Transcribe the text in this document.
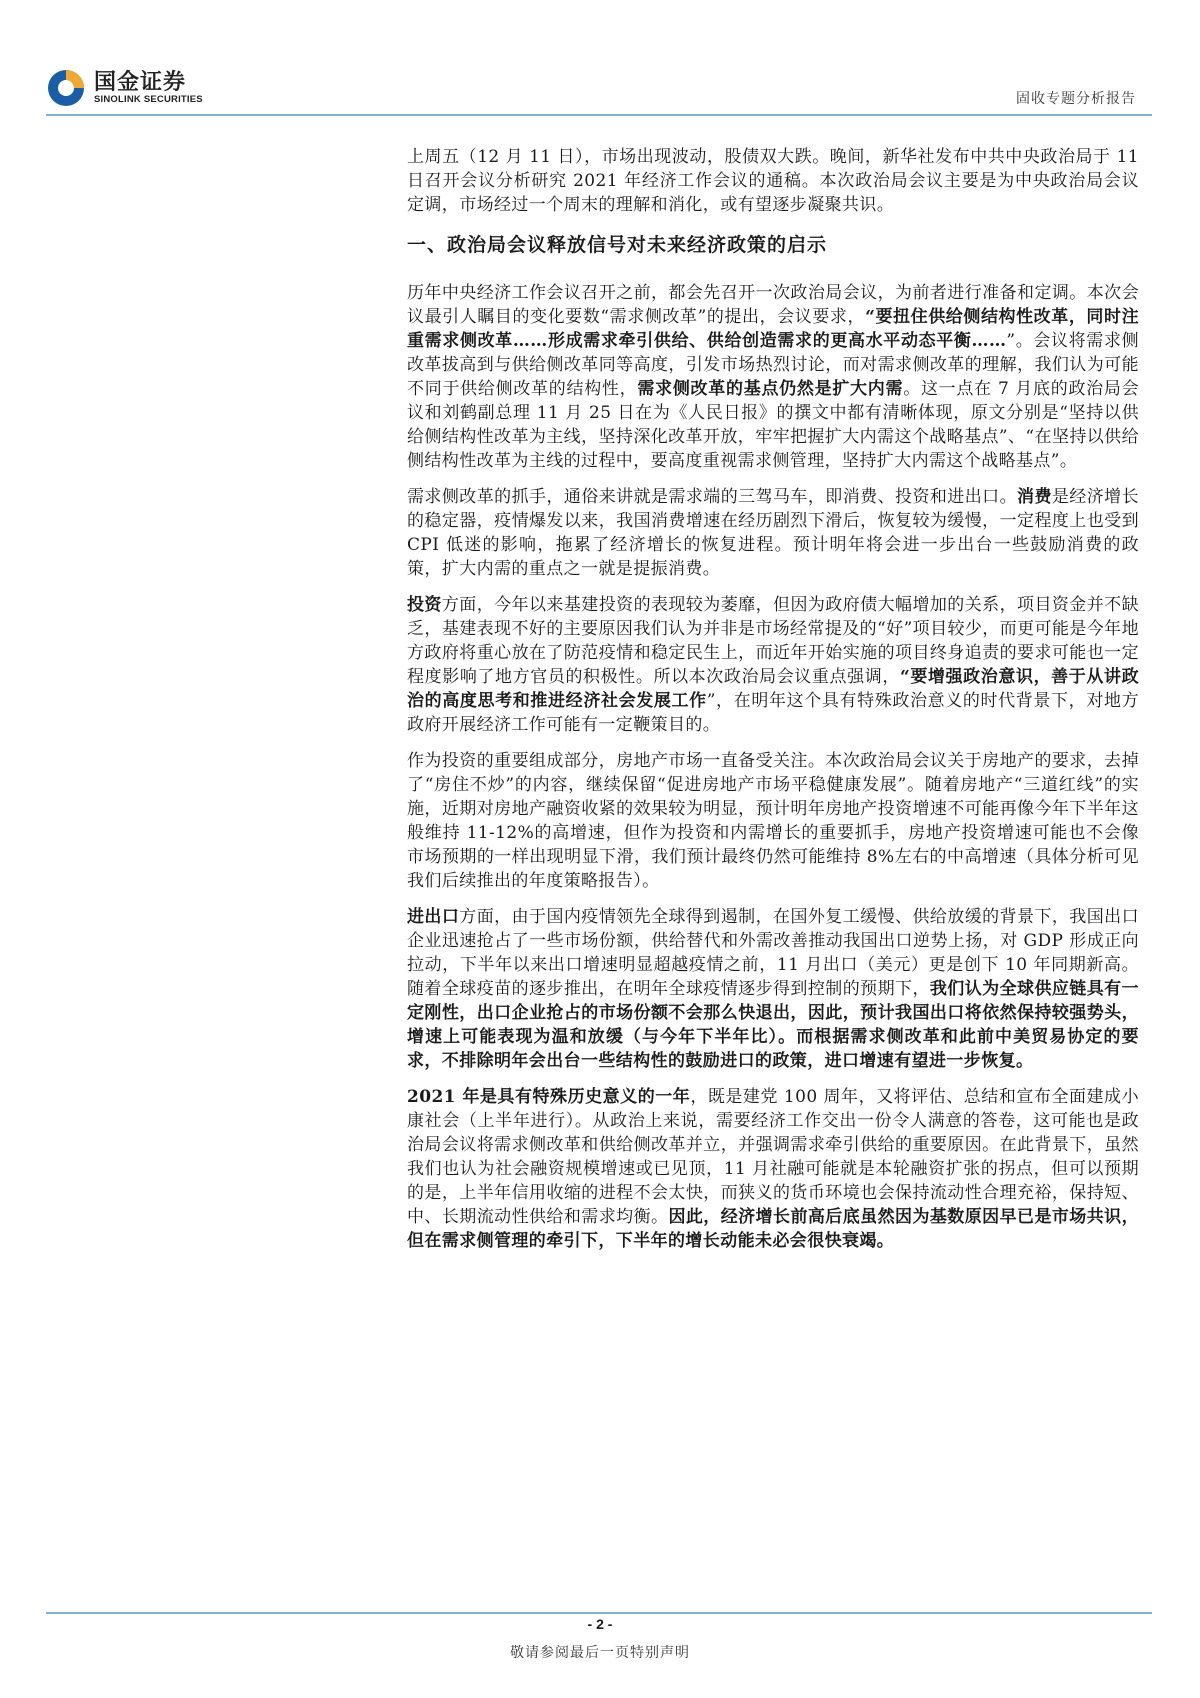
国金证券
SINOLINK SECURITIES	固收专题分析报告

上周五（12 月 11 日），市场出现波动，股债双大跌。晚间，新华社发布中共中央政治局于 11 日召开会议分析研究 2021 年经济工作会议的通稿。本次政治局会议主要是为中央政治局会议定调，市场经过一个周末的理解和消化，或有望逐步凝聚共识。

一、政治局会议释放信号对未来经济政策的启示

历年中央经济工作会议召开之前，都会先召开一次政治局会议，为前者进行准备和定调。本次会议最引人瞩目的变化要数“需求侧改革”的提出，会议要求，“要扭住供给侧结构性改革，同时注重需求侧改革……形成需求牵引供给、供给创造需求的更高水平动态平衡……”。会议将需求侧改革拔高到与供给侧改革同等高度，引发市场热烈讨论，而对需求侧改革的理解，我们认为可能不同于供给侧改革的结构性，需求侧改革的基点仍然是扩大内需。这一点在 7 月底的政治局会议和刘鹤副总理 11 月 25 日在为《人民日报》的撰文中都有清晰体现，原文分别是“坚持以供给侧结构性改革为主线，坚持深化改革开放，牢牢把握扩大内需这个战略基点”、“在坚持以供给侧结构性改革为主线的过程中，要高度重视需求侧管理，坚持扩大内需这个战略基点”。

需求侧改革的抓手，通俗来讲就是需求端的三驾马车，即消费、投资和进出口。消费是经济增长的稳定器，疫情爆发以来，我国消费增速在经历剧烈下滑后，恢复较为缓慢，一定程度上也受到 CPI 低迷的影响，拖累了经济增长的恢复进程。预计明年将会进一步出台一些鼓励消费的政策，扩大内需的重点之一就是提振消费。

投资方面，今年以来基建投资的表现较为萎靡，但因为政府债大幅增加的关系，项目资金并不缺乏，基建表现不好的主要原因我们认为并非是市场经常提及的“好”项目较少，而更可能是今年地方政府将重心放在了防范疫情和稳定民生上，而近年开始实施的项目终身追责的要求可能也一定程度影响了地方官员的积极性。所以本次政治局会议重点强调，“要增强政治意识，善于从讲政治的高度思考和推进经济社会发展工作”，在明年这个具有特殊政治意义的时代背景下，对地方政府开展经济工作可能有一定鞭策目的。

作为投资的重要组成部分，房地产市场一直备受关注。本次政治局会议关于房地产的要求，去掉了“房住不炒”的内容，继续保留“促进房地产市场平稳健康发展”。随着房地产“三道红线”的实施，近期对房地产融资收紧的效果较为明显，预计明年房地产投资增速不可能再像今年下半年这般维持 11-12%的高增速，但作为投资和内需增长的重要抓手，房地产投资增速可能也不会像市场预期的一样出现明显下滑，我们预计最终仍然可能维持 8%左右的中高增速（具体分析可见我们后续推出的年度策略报告）。

进出口方面，由于国内疫情领先全球得到遏制，在国外复工缓慢、供给放缓的背景下，我国出口企业迅速抢占了一些市场份额，供给替代和外需改善推动我国出口逆势上扬，对 GDP 形成正向拉动，下半年以来出口增速明显超越疫情之前，11 月出口（美元）更是创下 10 年同期新高。随着全球疫苗的逐步推出，在明年全球疫情逐步得到控制的预期下，我们认为全球供应链具有一定刚性，出口企业抢占的市场份额不会那么快退出，因此，预计我国出口将依然保持较强势头，增速上可能表现为温和放缓（与今年下半年比）。而根据需求侧改革和此前中美贸易协定的要求，不排除明年会出台一些结构性的鼓励进口的政策，进口增速有望进一步恢复。

2021 年是具有特殊历史意义的一年，既是建党 100 周年，又将评估、总结和宣布全面建成小康社会（上半年进行）。从政治上来说，需要经济工作交出一份令人满意的答卷，这可能也是政治局会议将需求侧改革和供给侧改革并立，并强调需求牵引供给的重要原因。在此背景下，虽然我们也认为社会融资规模增速或已见顶，11 月社融可能就是本轮融资扩张的拐点，但可以预期的是，上半年信用收缩的进程不会太快，而狭义的货币环境也会保持流动性合理充裕，保持短、中、长期流动性供给和需求均衡。因此，经济增长前高后底虽然因为基数原因早已是市场共识，但在需求侧管理的牵引下，下半年的增长动能未必会很快衰竭。

- 2 -
敬请参阅最后一页特别声明
